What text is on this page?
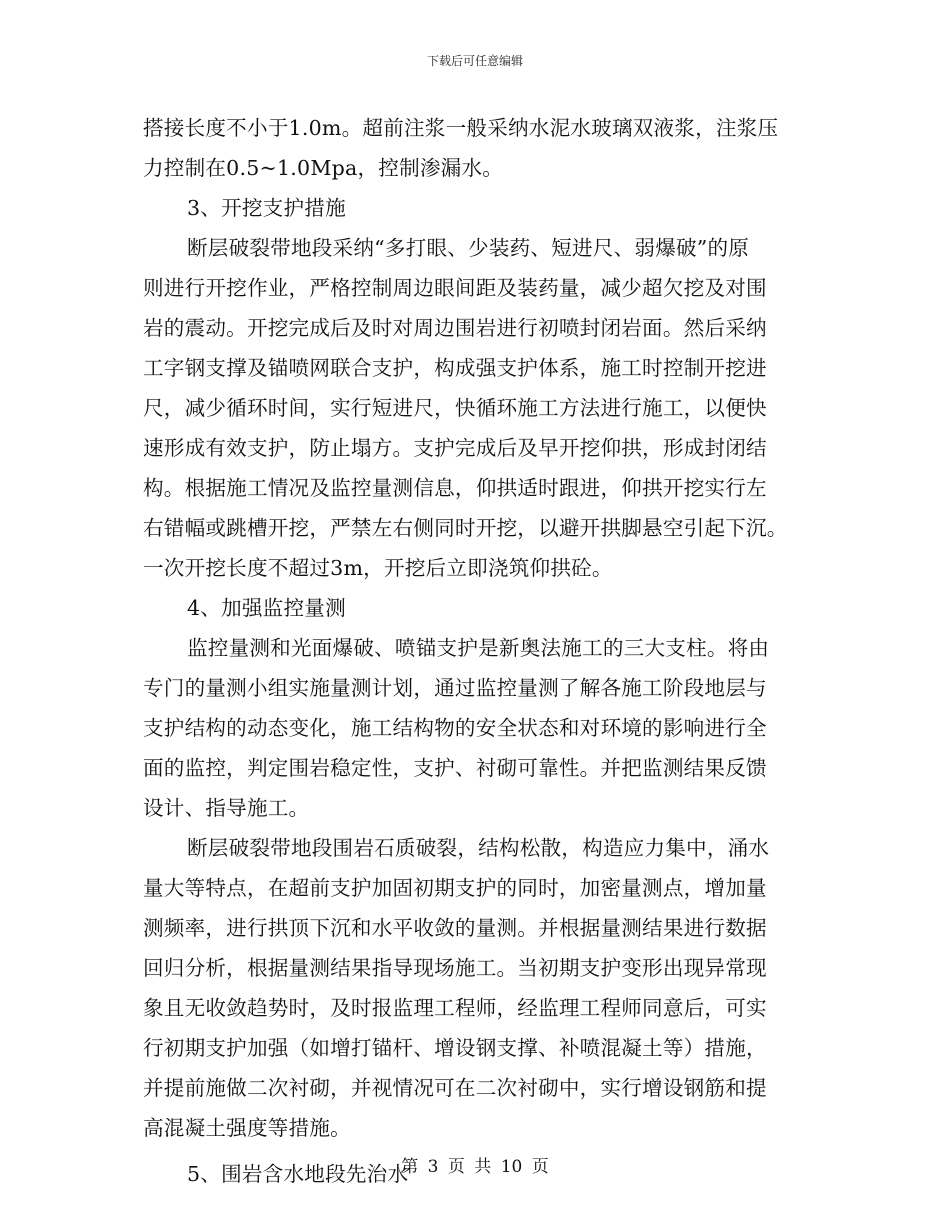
下载后可任意编辑
搭接长度不小于1.0m。超前注浆一般采纳水泥水玻璃双液浆，注浆压
力控制在0.5~1.0Mpa，控制渗漏水。
3、开挖支护措施
断层破裂带地段采纳“多打眼、少装药、短进尺、弱爆破”的原
则进行开挖作业，严格控制周边眼间距及装药量，减少超欠挖及对围
岩的震动。开挖完成后及时对周边围岩进行初喷封闭岩面。然后采纳
工字钢支撑及锚喷网联合支护，构成强支护体系，施工时控制开挖进
尺，减少循环时间，实行短进尺，快循环施工方法进行施工，以便快
速形成有效支护，防止塌方。支护完成后及早开挖仰拱，形成封闭结
构。根据施工情况及监控量测信息，仰拱适时跟进，仰拱开挖实行左
右错幅或跳槽开挖，严禁左右侧同时开挖，以避开拱脚悬空引起下沉。
一次开挖长度不超过3m，开挖后立即浇筑仰拱砼。
4、加强监控量测
监控量测和光面爆破、喷锚支护是新奥法施工的三大支柱。将由
专门的量测小组实施量测计划，通过监控量测了解各施工阶段地层与
支护结构的动态变化，施工结构物的安全状态和对环境的影响进行全
面的监控，判定围岩稳定性，支护、衬砌可靠性。并把监测结果反馈
设计、指导施工。
断层破裂带地段围岩石质破裂，结构松散，构造应力集中，涌水
量大等特点，在超前支护加固初期支护的同时，加密量测点，增加量
测频率，进行拱顶下沉和水平收敛的量测。并根据量测结果进行数据
回归分析，根据量测结果指导现场施工。当初期支护变形出现异常现
象且无收敛趋势时，及时报监理工程师，经监理工程师同意后，可实
行初期支护加强（如增打锚杆、增设钢支撑、补喷混凝土等）措施，
并提前施做二次衬砌，并视情况可在二次衬砌中，实行增设钢筋和提
高混凝土强度等措施。
5、围岩含水地段先治水
第 3 页 共 10 页
